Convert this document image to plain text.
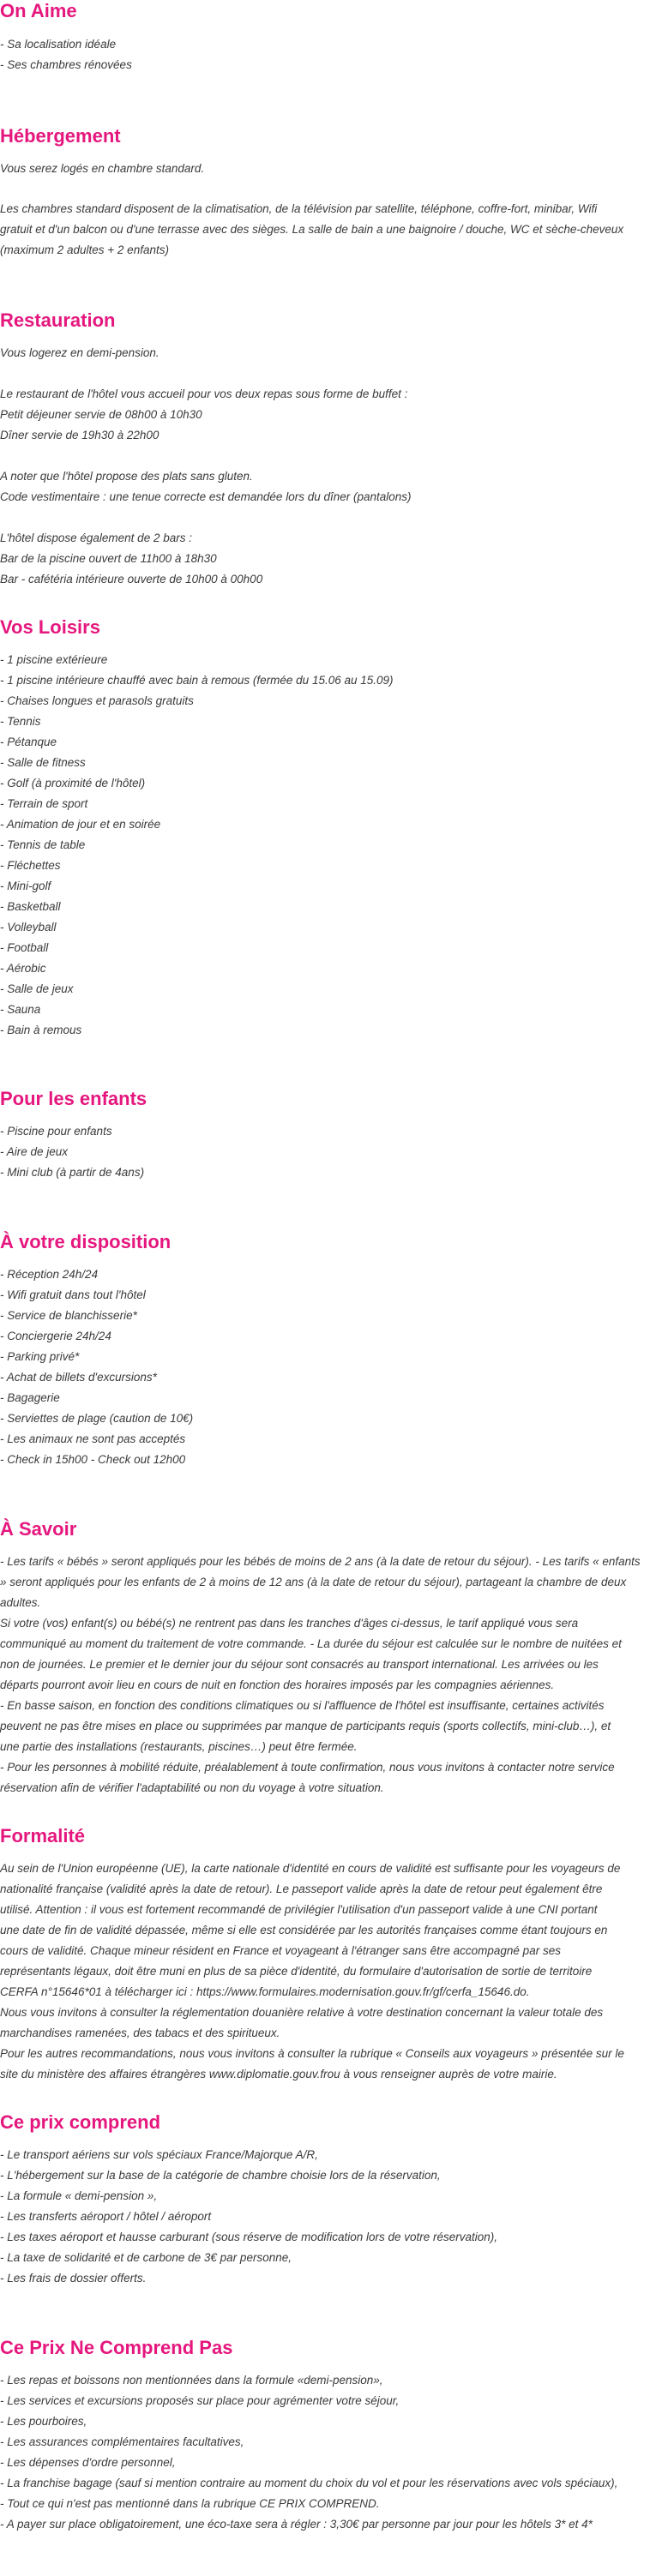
On Aime
- Sa localisation idéale
- Ses chambres rénovées
Hébergement
Vous serez logés en chambre standard.
Les chambres standard disposent de la climatisation, de la télévision par satellite, téléphone, coffre-fort, minibar, Wifi
gratuit et d'un balcon ou d'une terrasse avec des sièges. La salle de bain a une baignoire / douche, WC et sèche-cheveux
(maximum 2 adultes + 2 enfants)
Restauration
Vous logerez en demi-pension.
Le restaurant de l'hôtel vous accueil pour vos deux repas sous forme de buffet :
Petit déjeuner servie de 08h00 à 10h30
Dîner servie de 19h30 à 22h00
A noter que l'hôtel propose des plats sans gluten.
Code vestimentaire : une tenue correcte est demandée lors du dîner (pantalons)
L'hôtel dispose également de 2 bars :
Bar de la piscine ouvert de 11h00 à 18h30
Bar - cafétéria intérieure ouverte de 10h00 à 00h00
Vos Loisirs
- 1 piscine extérieure
- 1 piscine intérieure chauffé avec bain à remous (fermée du 15.06 au 15.09)
- Chaises longues et parasols gratuits
- Tennis
- Pétanque
- Salle de fitness
- Golf (à proximité de l'hôtel)
- Terrain de sport
- Animation de jour et en soirée
- Tennis de table
- Fléchettes
- Mini-golf
- Basketball
- Volleyball
- Football
- Aérobic
- Salle de jeux
- Sauna
- Bain à remous
Pour les enfants
- Piscine pour enfants
- Aire de jeux
- Mini club (à partir de 4ans)
À votre disposition
- Réception 24h/24
- Wifi gratuit dans tout l'hôtel
- Service de blanchisserie*
- Conciergerie 24h/24
- Parking privé*
- Achat de billets d'excursions*
- Bagagerie
- Serviettes de plage (caution de 10€)
- Les animaux ne sont pas acceptés
- Check in 15h00 - Check out 12h00
À Savoir
- Les tarifs « bébés » seront appliqués pour les bébés de moins de 2 ans (à la date de retour du séjour). - Les tarifs « enfants
» seront appliqués pour les enfants de 2 à moins de 12 ans (à la date de retour du séjour), partageant la chambre de deux
adultes.
Si votre (vos) enfant(s) ou bébé(s) ne rentrent pas dans les tranches d'âges ci-dessus, le tarif appliqué vous sera
communiqué au moment du traitement de votre commande. - La durée du séjour est calculée sur le nombre de nuitées et
non de journées. Le premier et le dernier jour du séjour sont consacrés au transport international. Les arrivées ou les
départs pourront avoir lieu en cours de nuit en fonction des horaires imposés par les compagnies aériennes.
- En basse saison, en fonction des conditions climatiques ou si l'affluence de l'hôtel est insuffisante, certaines activités
peuvent ne pas être mises en place ou supprimées par manque de participants requis (sports collectifs, mini-club…), et
une partie des installations (restaurants, piscines…) peut être fermée.
- Pour les personnes à mobilité réduite, préalablement à toute confirmation, nous vous invitons à contacter notre service
réservation afin de vérifier l'adaptabilité ou non du voyage à votre situation.
Formalité
Au sein de l'Union européenne (UE), la carte nationale d'identité en cours de validité est suffisante pour les voyageurs de
nationalité française (validité après la date de retour). Le passeport valide après la date de retour peut également être
utilisé. Attention : il vous est fortement recommandé de privilégier l'utilisation d'un passeport valide à une CNI portant
une date de fin de validité dépassée, même si elle est considérée par les autorités françaises comme étant toujours en
cours de validité. Chaque mineur résident en France et voyageant à l'étranger sans être accompagné par ses
représentants légaux, doit être muni en plus de sa pièce d'identité, du formulaire d'autorisation de sortie de territoire
CERFA n°15646*01 à télécharger ici : https://www.formulaires.modernisation.gouv.fr/gf/cerfa_15646.do.
Nous vous invitons à consulter la réglementation douanière relative à votre destination concernant la valeur totale des
marchandises ramenées, des tabacs et des spiritueux.
Pour les autres recommandations, nous vous invitons à consulter la rubrique « Conseils aux voyageurs » présentée sur le
site du ministère des affaires étrangères www.diplomatie.gouv.frou à vous renseigner auprès de votre mairie.
Ce prix comprend
- Le transport aériens sur vols spéciaux France/Majorque A/R,
- L'hébergement sur la base de la catégorie de chambre choisie lors de la réservation,
- La formule « demi-pension »,
- Les transferts aéroport / hôtel / aéroport
- Les taxes aéroport et hausse carburant (sous réserve de modification lors de votre réservation),
- La taxe de solidarité et de carbone de 3€ par personne,
- Les frais de dossier offerts.
Ce Prix Ne Comprend Pas
- Les repas et boissons non mentionnées dans la formule «demi-pension»,
- Les services et excursions proposés sur place pour agrémenter votre séjour,
- Les pourboires,
- Les assurances complémentaires facultatives,
- Les dépenses d'ordre personnel,
- La franchise bagage (sauf si mention contraire au moment du choix du vol et pour les réservations avec vols spéciaux),
- Tout ce qui n'est pas mentionné dans la rubrique CE PRIX COMPREND.
- A payer sur place obligatoirement, une éco-taxe sera à régler : 3,30€ par personne par jour pour les hôtels 3* et 4*
